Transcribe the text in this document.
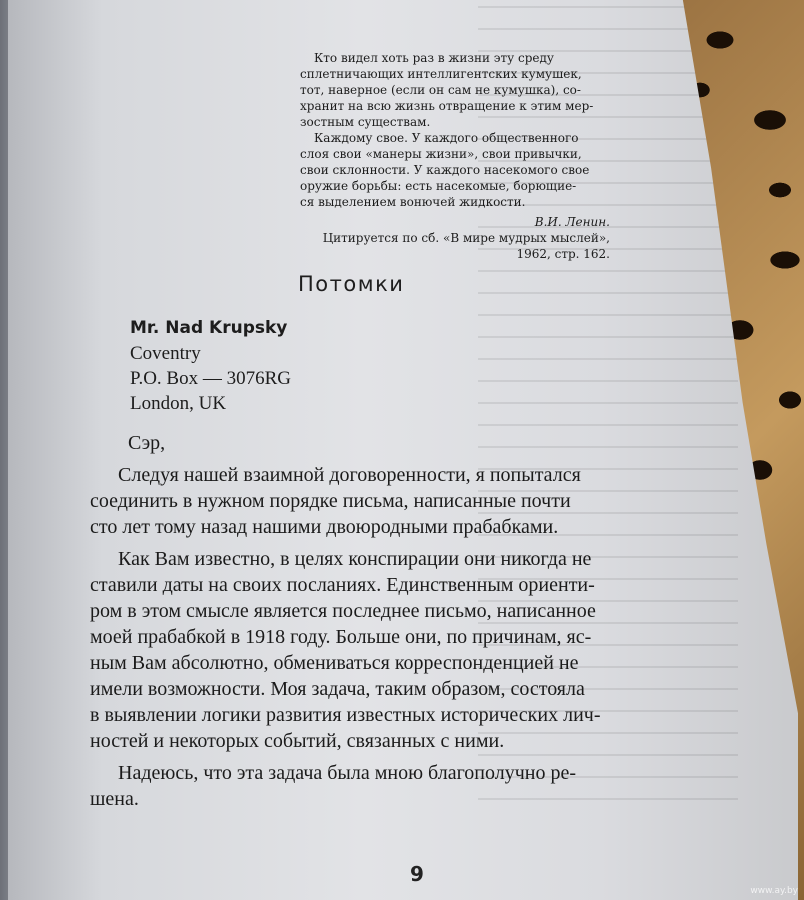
Кто видел хоть раз в жизни эту среду
сплетничающих интеллигентских кумушек,
тот, наверное (если он сам не кумушка), со-
хранит на всю жизнь отвращение к этим мер-
зостным существам.
Каждому свое. У каждого общественного
слоя свои «манеры жизни», свои привычки,
свои склонности. У каждого насекомого свое
оружие борьбы: есть насекомые, борющие-
ся выделением вонючей жидкости.
В.И. Ленин.
Цитируется по сб. «В мире мудрых мыслей»,
1962, стр. 162.
Потомки
Mr. Nad Krupsky
Coventry
P.O. Box — 3076RG
London, UK
Сэр,
Следуя нашей взаимной договоренности, я попытался
соединить в нужном порядке письма, написанные почти
сто лет тому назад нашими двоюродными прабабками.
Как Вам известно, в целях конспирации они никогда не
ставили даты на своих посланиях. Единственным ориенти-
ром в этом смысле является последнее письмо, написанное
моей прабабкой в 1918 году. Больше они, по причинам, яс-
ным Вам абсолютно, обмениваться корреспонденцией не
имели возможности. Моя задача, таким образом, состояла
в выявлении логики развития известных исторических лич-
ностей и некоторых событий, связанных с ними.
Надеюсь, что эта задача была мною благополучно ре-
шена.
9
www.ay.by
